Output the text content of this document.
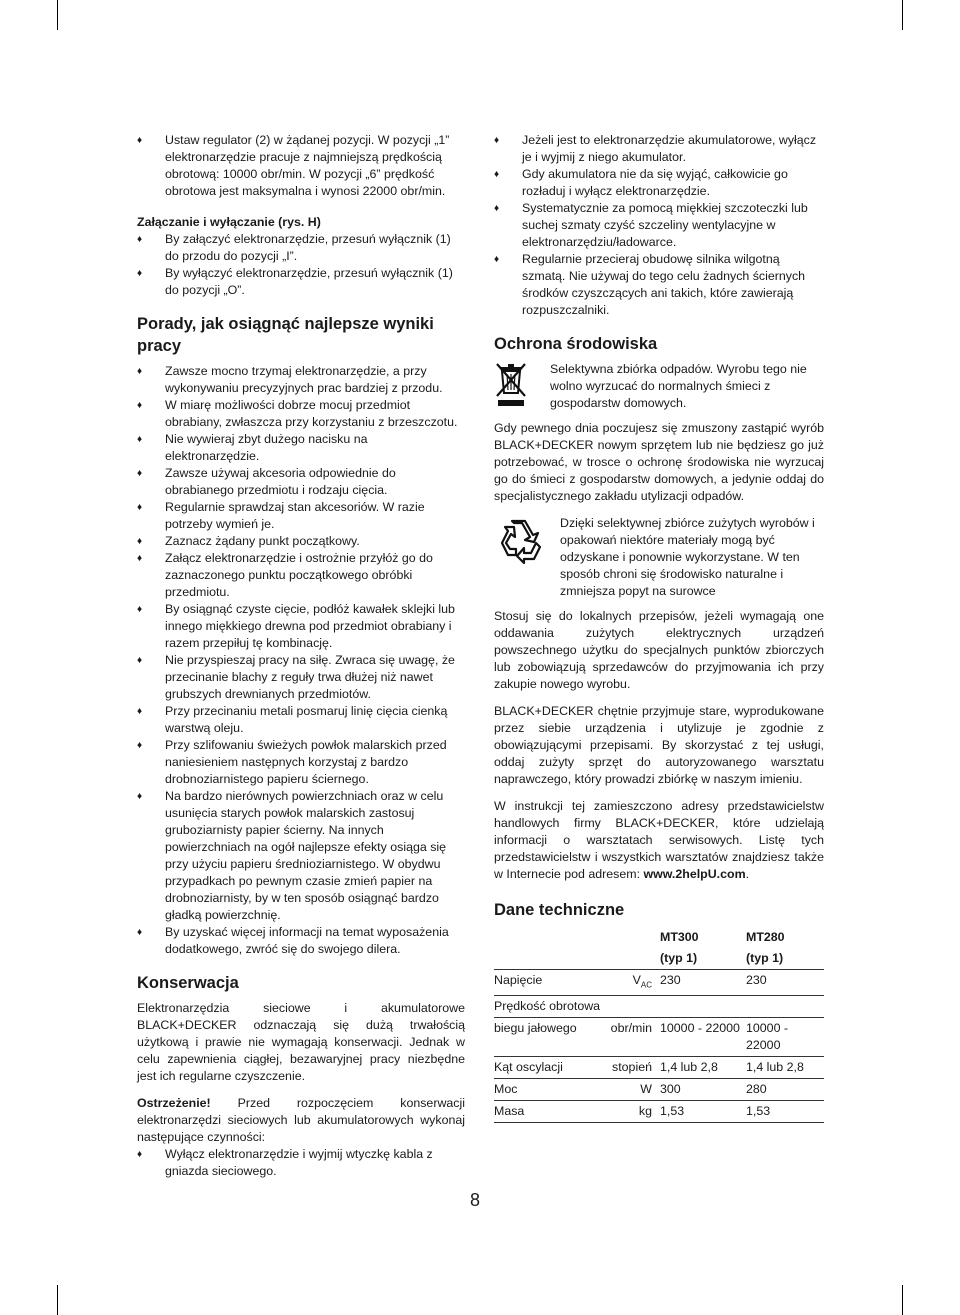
♦ Ustaw regulator (2) w żądanej pozycji. W pozycji „1” elektronarzędzie pracuje z najmniejszą prędkością obrotową: 10000 obr/min. W pozycji „6” prędkość obrotowa jest maksymalna i wynosi 22000 obr/min.
Załączanie i wyłączanie (rys. H)
♦ By załączyć elektronarzędzie, przesuń wyłącznik (1) do przodu do pozycji „I”.
♦ By wyłączyć elektronarzędzie, przesuń wyłącznik (1) do pozycji „O”.
Porady, jak osiągnąć najlepsze wyniki pracy
♦ Zawsze mocno trzymaj elektronarzędzie, a przy wykonywaniu precyzyjnych prac bardziej z przodu.
♦ W miarę możliwości dobrze mocuj przedmiot obrabiany, zwłaszcza przy korzystaniu z brzeszczotu.
♦ Nie wywieraj zbyt dużego nacisku na elektronarzędzie.
♦ Zawsze używaj akcesoria odpowiednie do obrabianego przedmiotu i rodzaju cięcia.
♦ Regularnie sprawdzaj stan akcesoriów. W razie potrzeby wymień je.
♦ Zaznacz żądany punkt początkowy.
♦ Załącz elektronarzędzie i ostrożnie przyłóż go do zaznaczonego punktu początkowego obróbki przedmiotu.
♦ By osiągnąć czyste cięcie, podłóż kawałek sklejki lub innego miękkiego drewna pod przedmiot obrabiany i razem przepiłuj tę kombinację.
♦ Nie przyspieszaj pracy na siłę. Zwraca się uwagę, że przecinanie blachy z reguły trwa dłużej niż nawet grubszych drewnianych przedmiotów.
♦ Przy przecinaniu metali posmaruj linię cięcia cienką warstwą oleju.
♦ Przy szlifowaniu świeżych powłok malarskich przed naniesieniem następnych korzystaj z bardzo drobnoziarnistego papieru ściernego.
♦ Na bardzo nierównych powierzchniach oraz w celu usunięcia starych powłok malarskich zastosuj gruboziarnisty papier ścierny. Na innych powierzchniach na ogół najlepsze efekty osiąga się przy użyciu papieru średnioziarnistego. W obydwu przypadkach po pewnym czasie zmień papier na drobnoziarnisty, by w ten sposób osiągnąć bardzo gładką powierzchnię.
♦ By uzyskać więcej informacji na temat wyposażenia dodatkowego, zwróć się do swojego dilera.
Konserwacja

Elektronarzędzia sieciowe i akumulatorowe BLACK+DECKER odznaczają się dużą trwałością użytkową i prawie nie wymagają konserwacji. Jednak w celu zapewnienia ciągłej, bezawaryjnej pracy niezbędne jest ich regularne czyszczenie.

Ostrzeżenie! Przed rozpoczęciem konserwacji elektronarzędzi sieciowych lub akumulatorowych wykonaj następujące czynności:

♦ Wyłącz elektronarzędzie i wyjmij wtyczkę kabla z gniazda sieciowego.
♦ Jeżeli jest to elektronarzędzie akumulatorowe, wyłącz je i wyjmij z niego akumulator.
♦ Gdy akumulatora nie da się wyjąć, całkowicie go rozładuj i wyłącz elektronarzędzie.
♦ Systematycznie za pomocą miękkiej szczoteczki lub suchej szmaty czyść szczeliny wentylacyjne w elektronarzędziu/ładowarce.
♦ Regularnie przecieraj obudowę silnika wilgotną szmatą. Nie używaj do tego celu żadnych ściernych środków czyszczących ani takich, które zawierają rozpuszczalniki.
Ochrona środowiska
Selektywna zbiórka odpadów. Wyrobu tego nie wolno wyrzucać do normalnych śmieci z gospodarstw domowych.

Gdy pewnego dnia poczujesz się zmuszony zastąpić wyrób BLACK+DECKER nowym sprzętem lub nie będziesz go już potrzebować, w trosce o ochronę środowiska nie wyrzucaj go do śmieci z gospodarstw domowych, a jedynie oddaj do specjalistycznego zakładu utylizacji odpadów.

Dzięki selektywnej zbiórce zużytych wyrobów i opakowań niektóre materiały mogą być odzyskane i ponownie wykorzystane. W ten sposób chroni się środowisko naturalne i zmniejsza popyt na surowce

Stosuj się do lokalnych przepisów, jeżeli wymagają one oddawania zużytych elektrycznych urządzeń powszechnego użytku do specjalnych punktów zbiorczych lub zobowiązują sprzedawców do przyjmowania ich przy zakupie nowego wyrobu.

BLACK+DECKER chętnie przyjmuje stare, wyprodukowane przez siebie urządzenia i utylizuje je zgodnie z obowiązującymi przepisami. By skorzystać z tej usługi, oddaj zużyty sprzęt do autoryzowanego warsztatu naprawczego, który prowadzi zbiórkę w naszym imieniu.

W instrukcji tej zamieszczono adresy przedstawicielstw handlowych firmy BLACK+DECKER, które udzielają informacji o warsztatach serwisowych. Listę tych przedstawicielstw i wszystkich warsztatów znajdziesz także w Internecie pod adresem: www.2helpU.com.

Dane techniczne
		MT300	MT280
		(typ 1)	(typ 1)
Napięcie	$V_{AC}$	230	230
Prędkość obrotowa			
biegu jałowego	obr/min	10000 - 22000	10000 - 22000
Kąt oscylacji	stopień	1,4 lub 2,8	1,4 lub 2,8
Moc	W	300	280
Masa	kg	1,53	1,53
8
